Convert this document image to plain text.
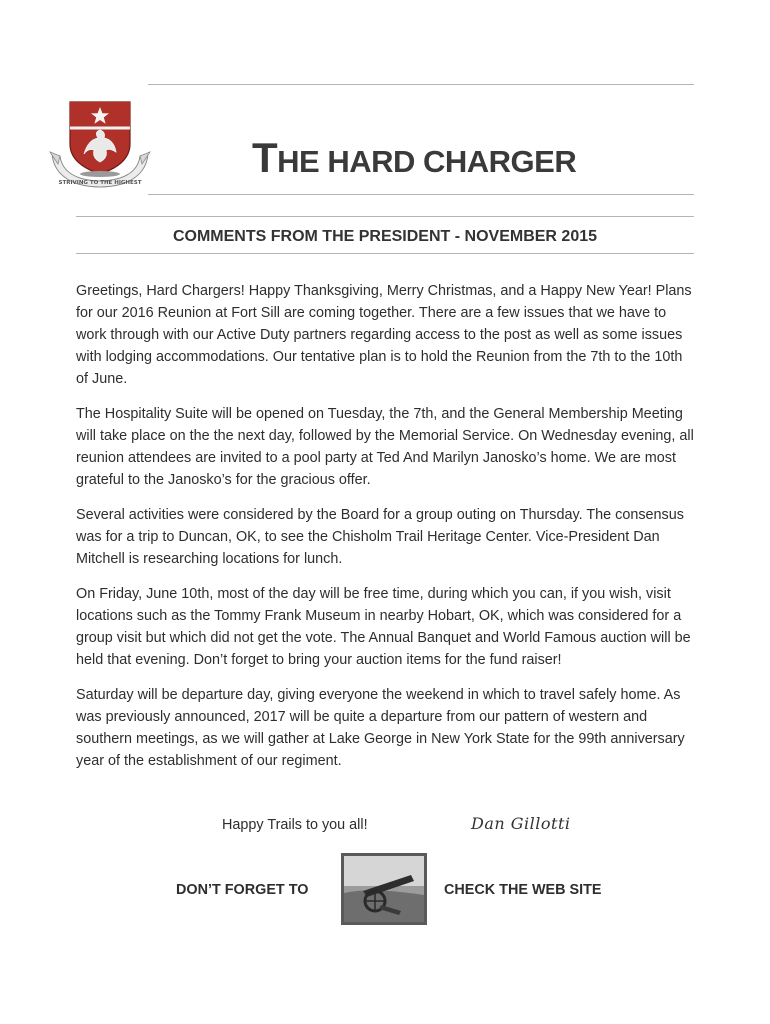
STRIVING TO THE HIGHEST
THE HARD CHARGER
COMMENTS FROM THE PRESIDENT - NOVEMBER 2015

Greetings, Hard Chargers! Happy Thanksgiving, Merry Christmas, and a Happy New Year! Plans for our 2016 Reunion at Fort Sill are coming together. There are a few issues that we have to work through with our Active Duty partners regarding access to the post as well as some issues with lodging accommodations. Our tentative plan is to hold the Reunion from the 7th to the 10th of June.

The Hospitality Suite will be opened on Tuesday, the 7th, and the General Membership Meeting will take place on the the next day, followed by the Memorial Service. On Wednesday evening, all reunion attendees are invited to a pool party at Ted And Marilyn Janosko’s home. We are most grateful to the Janosko’s for the gracious offer.

Several activities were considered by the Board for a group outing on Thursday. The consensus was for a trip to Duncan, OK, to see the Chisholm Trail Heritage Center. Vice-President Dan Mitchell is researching locations for lunch.

On Friday, June 10th, most of the day will be free time, during which you can, if you wish, visit locations such as the Tommy Frank Museum in nearby Hobart, OK, which was considered for a group visit but which did not get the vote. The Annual Banquet and World Famous auction will be held that evening. Don’t forget to bring your auction items for the fund raiser!

Saturday will be departure day, giving everyone the weekend in which to travel safely home. As was previously announced, 2017 will be quite a departure from our pattern of western and southern meetings, as we will gather at Lake George in New York State for the 99th anniversary year of the establishment of our regiment.

Happy Trails to you all!	Dan Gillotti
DON’T FORGET TO	CHECK THE WEB SITE
